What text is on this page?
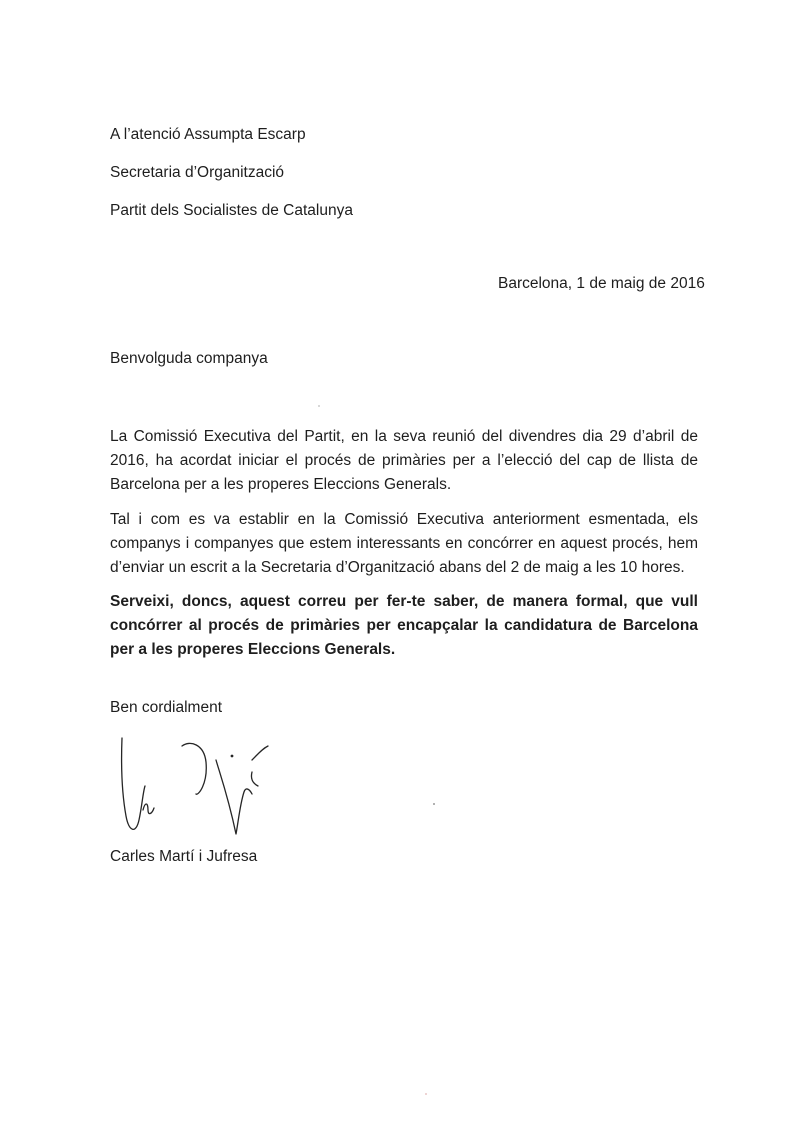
A l’atenció Assumpta Escarp
Secretaria d’Organització
Partit dels Socialistes de Catalunya
Barcelona, 1 de maig de 2016
Benvolguda companya
La Comissió Executiva del Partit, en la seva reunió del divendres dia 29 d’abril de 2016, ha acordat iniciar el procés de primàries per a l’elecció del cap de llista de Barcelona per a les properes Eleccions Generals.
Tal i com es va establir en la Comissió Executiva anteriorment esmentada, els companys i companyes que estem interessants en concórrer en aquest procés, hem d’enviar un escrit a la Secretaria d’Organització abans del 2 de maig a les 10 hores.
Serveixi, doncs, aquest correu per fer-te saber, de manera formal, que vull concórrer al procés de primàries per encapçalar la candidatura de Barcelona per a les properes Eleccions Generals.
Ben cordialment
Carles Martí i Jufresa
